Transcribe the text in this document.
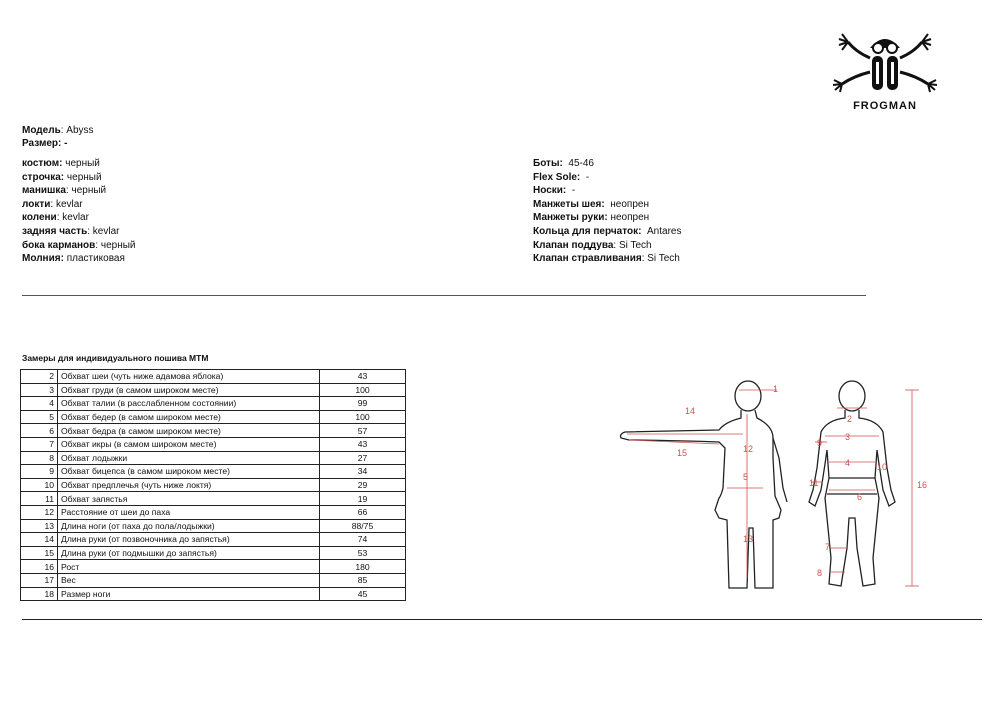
FROGMAN
Модель: Abyss
Размер: -
костюм: черный
строчка: черный
манишка: черный
локти: kevlar
колени: kevlar
задняя часть: kevlar
бока карманов: черный
Молния: пластиковая
Боты: 45-46
Flex Sole: -
Носки: -
Манжеты шея: неопрен
Манжеты руки: неопрен
Кольца для перчаток: Antares
Клапан поддува: Si Tech
Клапан стравливания: Si Tech
Замеры для индивидуального пошива МТМ
2	Обхват шеи (чуть ниже адамова яблока)	43
3	Обхват груди (в самом широком месте)	100
4	Обхват талии (в расслабленном состоянии)	99
5	Обхват бедер (в самом широком месте)	100
6	Обхват бедра (в самом широком месте)	57
7	Обхват икры (в самом широком месте)	43
8	Обхват лодыжки	27
9	Обхват бицепса (в самом широком месте)	34
10	Обхват предплечья (чуть ниже локтя)	29
11	Обхват запястья	19
12	Расстояние от шеи до паха	66
13	Длина ноги (от паха до пола/лодыжки)	88/75
14	Длина руки (от позвоночника до запястья)	74
15	Длина руки (от подмышки до запястья)	53
16	Рост	180
17	Вес	85
18	Размер ноги	45
1
2
3
4
5
6
7
8
9
10
11
12
13
14
15
16
